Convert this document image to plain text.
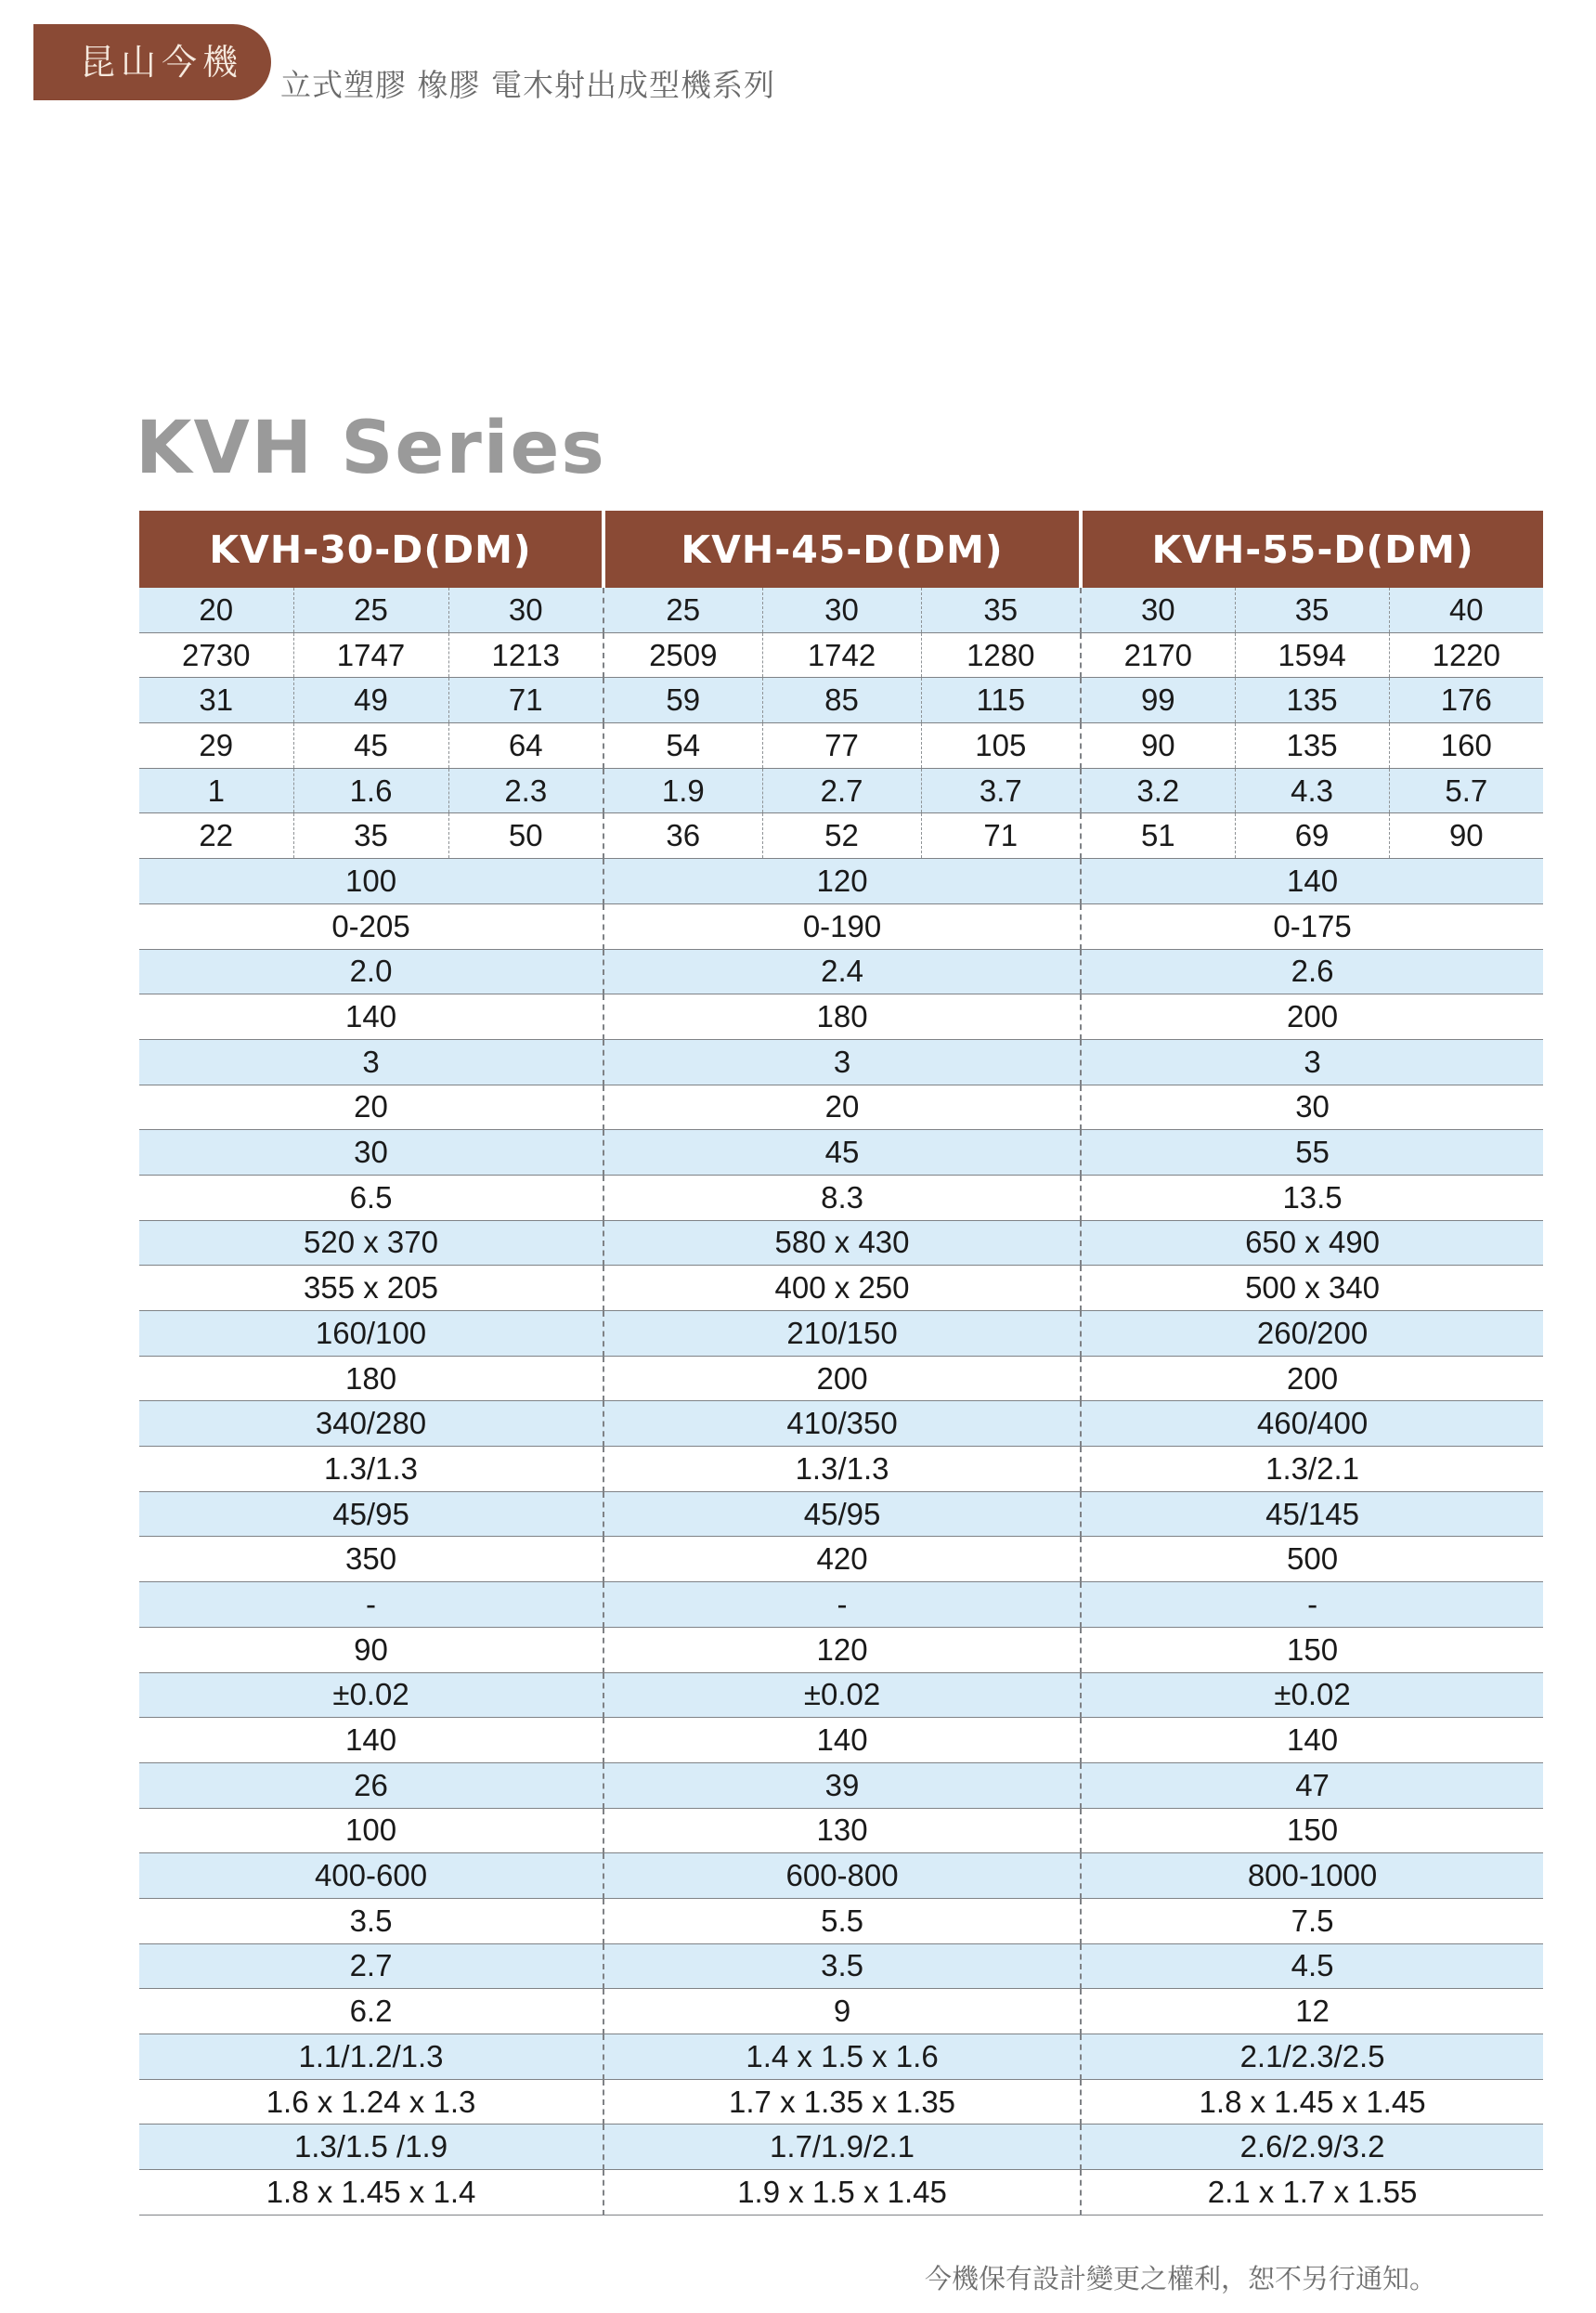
昆山今機
立式塑膠 橡膠 電木射出成型機系列
KVH Series
KVH-30-D(DM)			KVH-45-D(DM)			KVH-55-D(DM)		
20	25	30	25	30	35	30	35	40
2730	1747	1213	2509	1742	1280	2170	1594	1220
31	49	71	59	85	115	99	135	176
29	45	64	54	77	105	90	135	160
1	1.6	2.3	1.9	2.7	3.7	3.2	4.3	5.7
22	35	50	36	52	71	51	69	90
100			120			140		
0-205			0-190			0-175		
2.0			2.4			2.6		
140			180			200		
3			3			3		
20			20			30		
30			45			55		
6.5			8.3			13.5		
520 x 370			580 x 430			650 x 490		
355 x 205			400 x 250			500 x 340		
160/100			210/150			260/200		
180			200			200		
340/280			410/350			460/400		
1.3/1.3			1.3/1.3			1.3/2.1		
45/95			45/95			45/145		
350			420			500		
-			-			-		
90			120			150		
±0.02			±0.02			±0.02		
140			140			140		
26			39			47		
100			130			150		
400-600			600-800			800-1000		
3.5			5.5			7.5		
2.7			3.5			4.5		
6.2			9			12		
1.1/1.2/1.3			1.4 x 1.5 x 1.6			2.1/2.3/2.5		
1.6 x 1.24 x 1.3			1.7 x 1.35 x 1.35			1.8 x 1.45 x 1.45		
1.3/1.5 /1.9			1.7/1.9/2.1			2.6/2.9/3.2		
1.8 x 1.45 x 1.4			1.9 x 1.5 x 1.45			2.1 x 1.7 x 1.55		
今機保有設計變更之權利，恕不另行通知。
